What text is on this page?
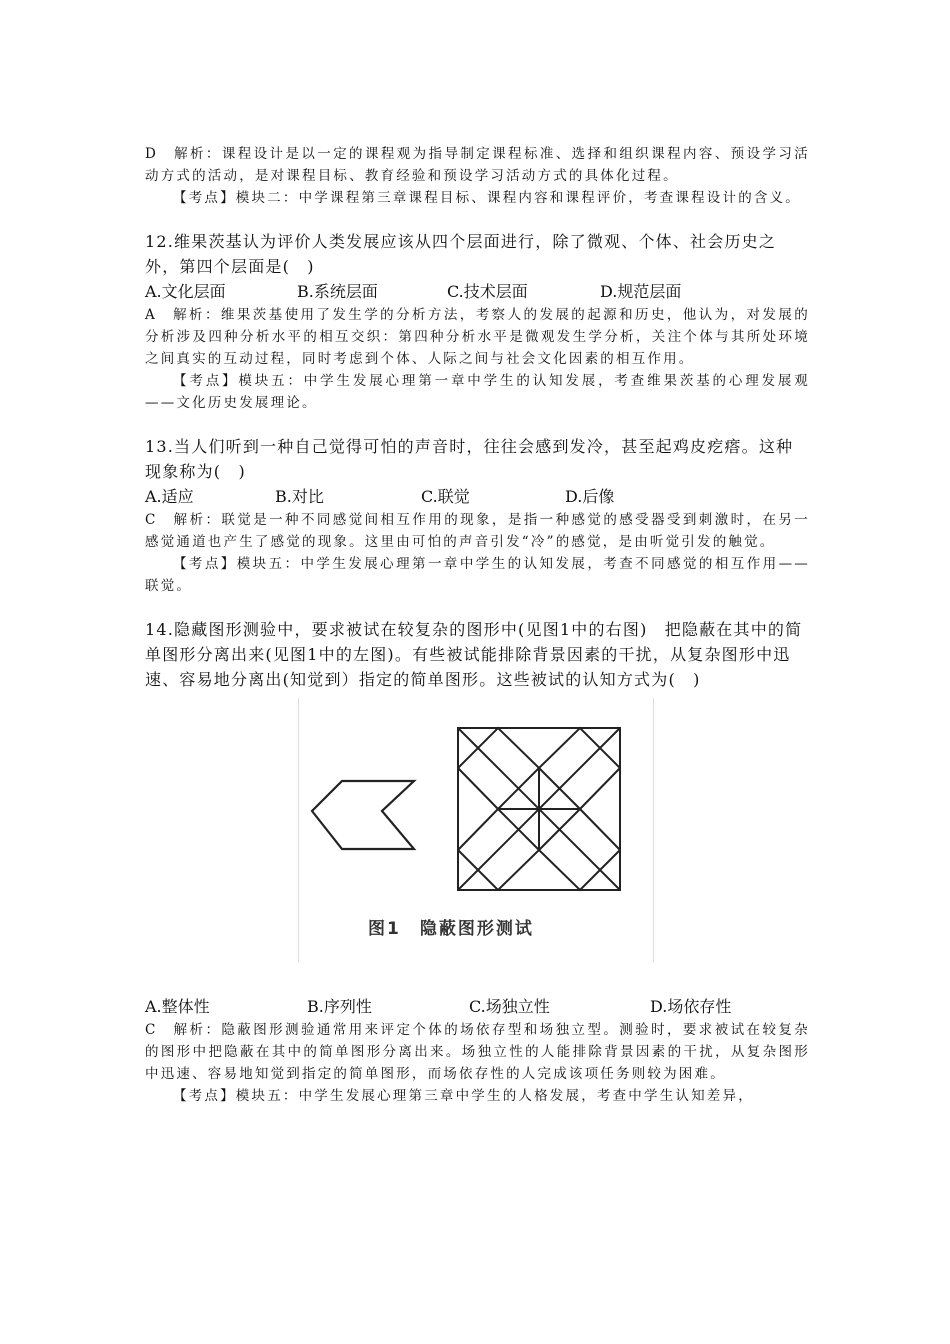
D　解析：课程设计是以一定的课程观为指导制定课程标准、选择和组织课程内容、预设学习活动方式的活动，是对课程目标、教育经验和预设学习活动方式的具体化过程。

【考点】模块二：中学课程第三章课程目标、课程内容和课程评价，考查课程设计的含义。

12.维果茨基认为评价人类发展应该从四个层面进行，除了微观、个体、社会历史之外，第四个层面是(　)

A.文化层面	B.系统层面	C.技术层面	D.规范层面

A　解析：维果茨基使用了发生学的分析方法，考察人的发展的起源和历史，他认为，对发展的分析涉及四种分析水平的相互交织：第四种分析水平是微观发生学分析，关注个体与其所处环境之间真实的互动过程，同时考虑到个体、人际之间与社会文化因素的相互作用。

【考点】模块五：中学生发展心理第一章中学生的认知发展，考查维果茨基的心理发展观——文化历史发展理论。

13.当人们听到一种自己觉得可怕的声音时，往往会感到发冷，甚至起鸡皮疙瘩。这种现象称为(　)

A.适应	B.对比	C.联觉	D.后像

C　解析：联觉是一种不同感觉间相互作用的现象，是指一种感觉的感受器受到刺激时，在另一感觉通道也产生了感觉的现象。这里由可怕的声音引发“冷”的感觉，是由听觉引发的触觉。

【考点】模块五：中学生发展心理第一章中学生的认知发展，考查不同感觉的相互作用——联觉。

14.隐藏图形测验中，要求被试在较复杂的图形中(见图1中的右图)　把隐蔽在其中的简单图形分离出来(见图1中的左图)。有些被试能排除背景因素的干扰，从复杂图形中迅速、容易地分离出(知觉到）指定的简单图形。这些被试的认知方式为(　)

图1　隐蔽图形测试
A.整体性	B.序列性	C.场独立性	D.场依存性

C　解析：隐蔽图形测验通常用来评定个体的场依存型和场独立型。测验时，要求被试在较复杂的图形中把隐蔽在其中的简单图形分离出来。场独立性的人能排除背景因素的干扰，从复杂图形中迅速、容易地知觉到指定的简单图形，而场依存性的人完成该项任务则较为困难。

【考点】模块五：中学生发展心理第三章中学生的人格发展，考查中学生认知差异，
